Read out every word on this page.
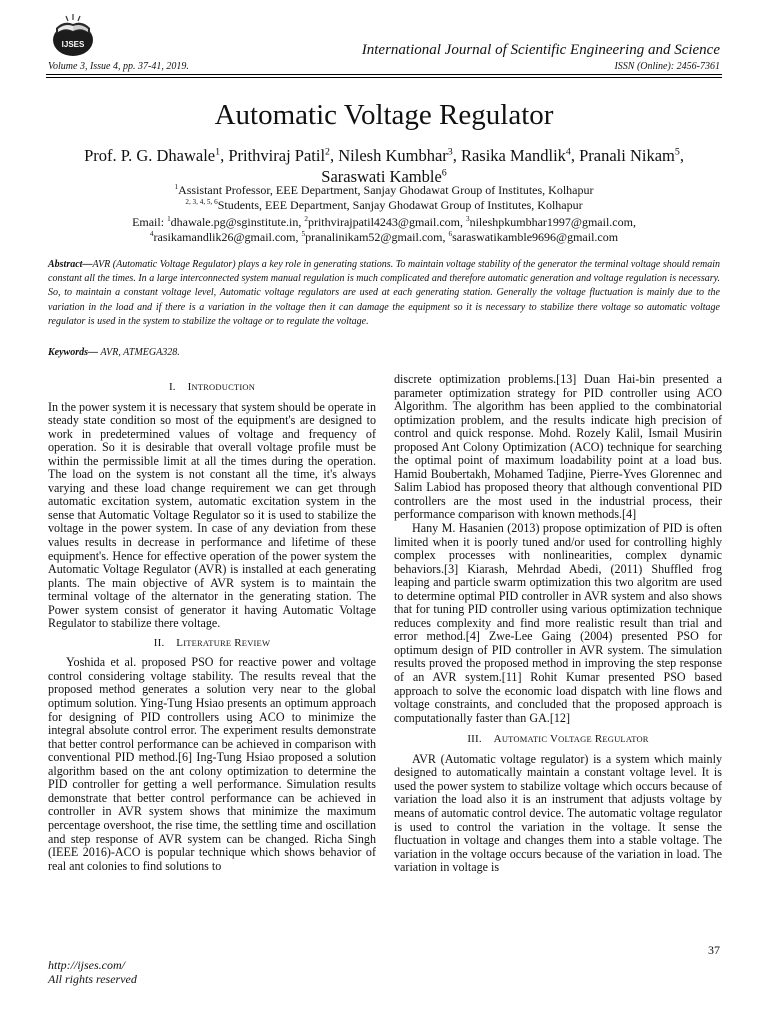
IJSES	International Journal of Scientific Engineering and Science
Volume 3, Issue 4, pp. 37-41, 2019.	ISSN (Online): 2456-7361
Automatic Voltage Regulator
Prof. P. G. Dhawale$^1$, Prithviraj Patil$^2$, Nilesh Kumbhar$^3$, Rasika Mandlik$^4$, Pranali Nikam$^5$,
Saraswati Kamble$^6$
$^1$Assistant Professor, EEE Department, Sanjay Ghodawat Group of Institutes, Kolhapur
$^{2, 3, 4, 5, 6}$Students, EEE Department, Sanjay Ghodawat Group of Institutes, Kolhapur
Email: $^1$dhawale.pg@sginstitute.in, $^2$prithvirajpatil4243@gmail.com, $^3$nileshpkumbhar1997@gmail.com,
$^4$rasikamandlik26@gmail.com, $^5$pranalinikam52@gmail.com, $^6$saraswatikamble9696@gmail.com
Abstract—AVR (Automatic Voltage Regulator) plays a key role in generating stations. To maintain voltage stability of the generator the terminal voltage should remain constant all the times. In a large interconnected system manual regulation is much complicated and therefore automatic generation and voltage regulation is necessary. So, to maintain a constant voltage level, Automatic voltage regulators are used at each generating station. Generally the voltage fluctuation is mainly due to the variation in the load and if there is a variation in the voltage then it can damage the equipment so it is necessary to stabilize there voltage so automatic voltage regulator is used in the system to stabilize the voltage or to regulate the voltage.
Keywords— AVR, ATMEGA328.
I. INTRODUCTION

In the power system it is necessary that system should be operate in steady state condition so most of the equipment's are designed to work in predetermined values of voltage and frequency of operation. So it is desirable that overall voltage profile must be within the permissible limit at all the times during the operation. The load on the system is not constant all the time, it's always varying and these load change requirement we can get through automatic excitation system, automatic excitation system in the sense that Automatic Voltage Regulator so it is used to stabilize the voltage in the power system. In case of any deviation from these values results in decrease in performance and lifetime of these equipment's. Hence for effective operation of the power system the Automatic Voltage Regulator (AVR) is installed at each generating plants. The main objective of AVR system is to maintain the terminal voltage of the alternator in the generating station. The Power system consist of generator it having Automatic Voltage Regulator to stabilize there voltage.

II. LITERATURE REVIEW

Yoshida et al. proposed PSO for reactive power and voltage control considering voltage stability. The results reveal that the proposed method generates a solution very near to the global optimum solution. Ying-Tung Hsiao presents an optimum approach for designing of PID controllers using ACO to minimize the integral absolute control error. The experiment results demonstrate that better control performance can be achieved in comparison with conventional PID method.[6] Ing-Tung Hsiao proposed a solution algorithm based on the ant colony optimization to determine the PID controller for getting a well performance. Simulation results demonstrate that better control performance can be achieved in controller in AVR system shows that minimize the maximum percentage overshoot, the rise time, the settling time and oscillation and step response of AVR system can be changed. Richa Singh (IEEE 2016)-ACO is popular technique which shows behavior of real ant colonies to find solutions to

discrete optimization problems.[13] Duan Hai-bin presented a parameter optimization strategy for PID controller using ACO Algorithm. The algorithm has been applied to the combinatorial optimization problem, and the results indicate high precision of control and quick response. Mohd. Rozely Kalil, Ismail Musirin proposed Ant Colony Optimization (ACO) technique for searching the optimal point of maximum loadability point at a load bus. Hamid Boubertakh, Mohamed Tadjine, Pierre-Yves Glorennec and Salim Labiod has proposed theory that although conventional PID controllers are the most used in the industrial process, their performance comparison with known methods.[4]

Hany M. Hasanien (2013) propose optimization of PID is often limited when it is poorly tuned and/or used for controlling highly complex processes with nonlinearities, complex dynamic behaviors.[3] Kiarash, Mehrdad Abedi, (2011) Shuffled frog leaping and particle swarm optimization this two algoritm are used to determine optimal PID controller in AVR system and also shows that for tuning PID controller using various optimization technique reduces complexity and find more realistic result than trial and error method.[4] Zwe-Lee Gaing (2004) presented PSO for optimum design of PID controller in AVR system. The simulation results proved the proposed method in improving the step response of an AVR system.[11] Rohit Kumar presented PSO based approach to solve the economic load dispatch with line flows and voltage constraints, and concluded that the proposed approach is computationally faster than GA.[12]

III. AUTOMATIC VOLTAGE REGULATOR

AVR (Automatic voltage regulator) is a system which mainly designed to automatically maintain a constant voltage level. It is used the power system to stabilize voltage which occurs because of variation the load also it is an instrument that adjusts voltage by means of automatic control device. The automatic voltage regulator is used to control the variation in the voltage. It sense the fluctuation in voltage and changes them into a stable voltage. The variation in the voltage occurs because of the variation in load. The variation in voltage is

37
http://ijses.com/
All rights reserved
